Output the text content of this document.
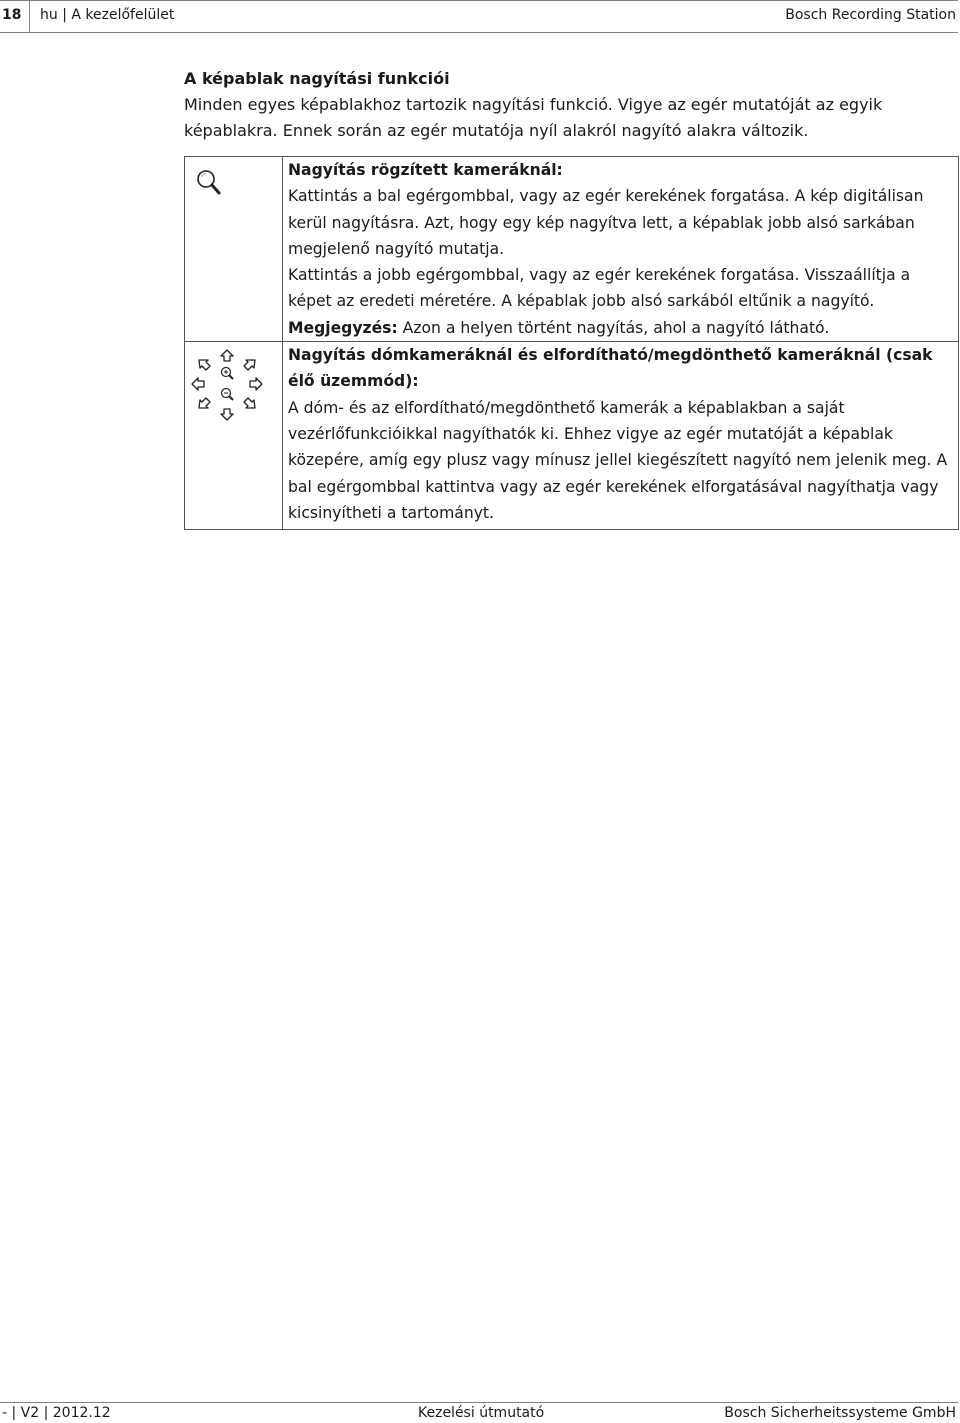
18	hu | A kezelőfelület	Bosch Recording Station

A képablak nagyítási funkciói

Minden egyes képablakhoz tartozik nagyítási funkció. Vigye az egér mutatóját az egyik képablakra. Ennek során az egér mutatója nyíl alakról nagyító alakra változik.

Nagyítás rögzített kameráknál:
Kattintás a bal egérgombbal, vagy az egér kerekének forgatása. A kép digitálisan kerül nagyításra. Azt, hogy egy kép nagyítva lett, a képablak jobb alsó sarkában megjelenő nagyító mutatja.
Kattintás a jobb egérgombbal, vagy az egér kerekének forgatása. Visszaállítja a képet az eredeti méretére. A képablak jobb alsó sarkából eltűnik a nagyító.
Megjegyzés: Azon a helyen történt nagyítás, ahol a nagyító látható.

Nagyítás dómkameráknál és elfordítható/megdönthető kameráknál (csak élő üzemmód):
A dóm- és az elfordítható/megdönthető kamerák a képablakban a saját vezérlőfunkcióikkal nagyíthatók ki. Ehhez vigye az egér mutatóját a képablak közepére, amíg egy plusz vagy mínusz jellel kiegészített nagyító nem jelenik meg. A bal egérgombbal kattintva vagy az egér kerekének elforgatásával nagyíthatja vagy kicsinyítheti a tartományt.
- | V2 | 2012.12	Kezelési útmutató	Bosch Sicherheitssysteme GmbH
